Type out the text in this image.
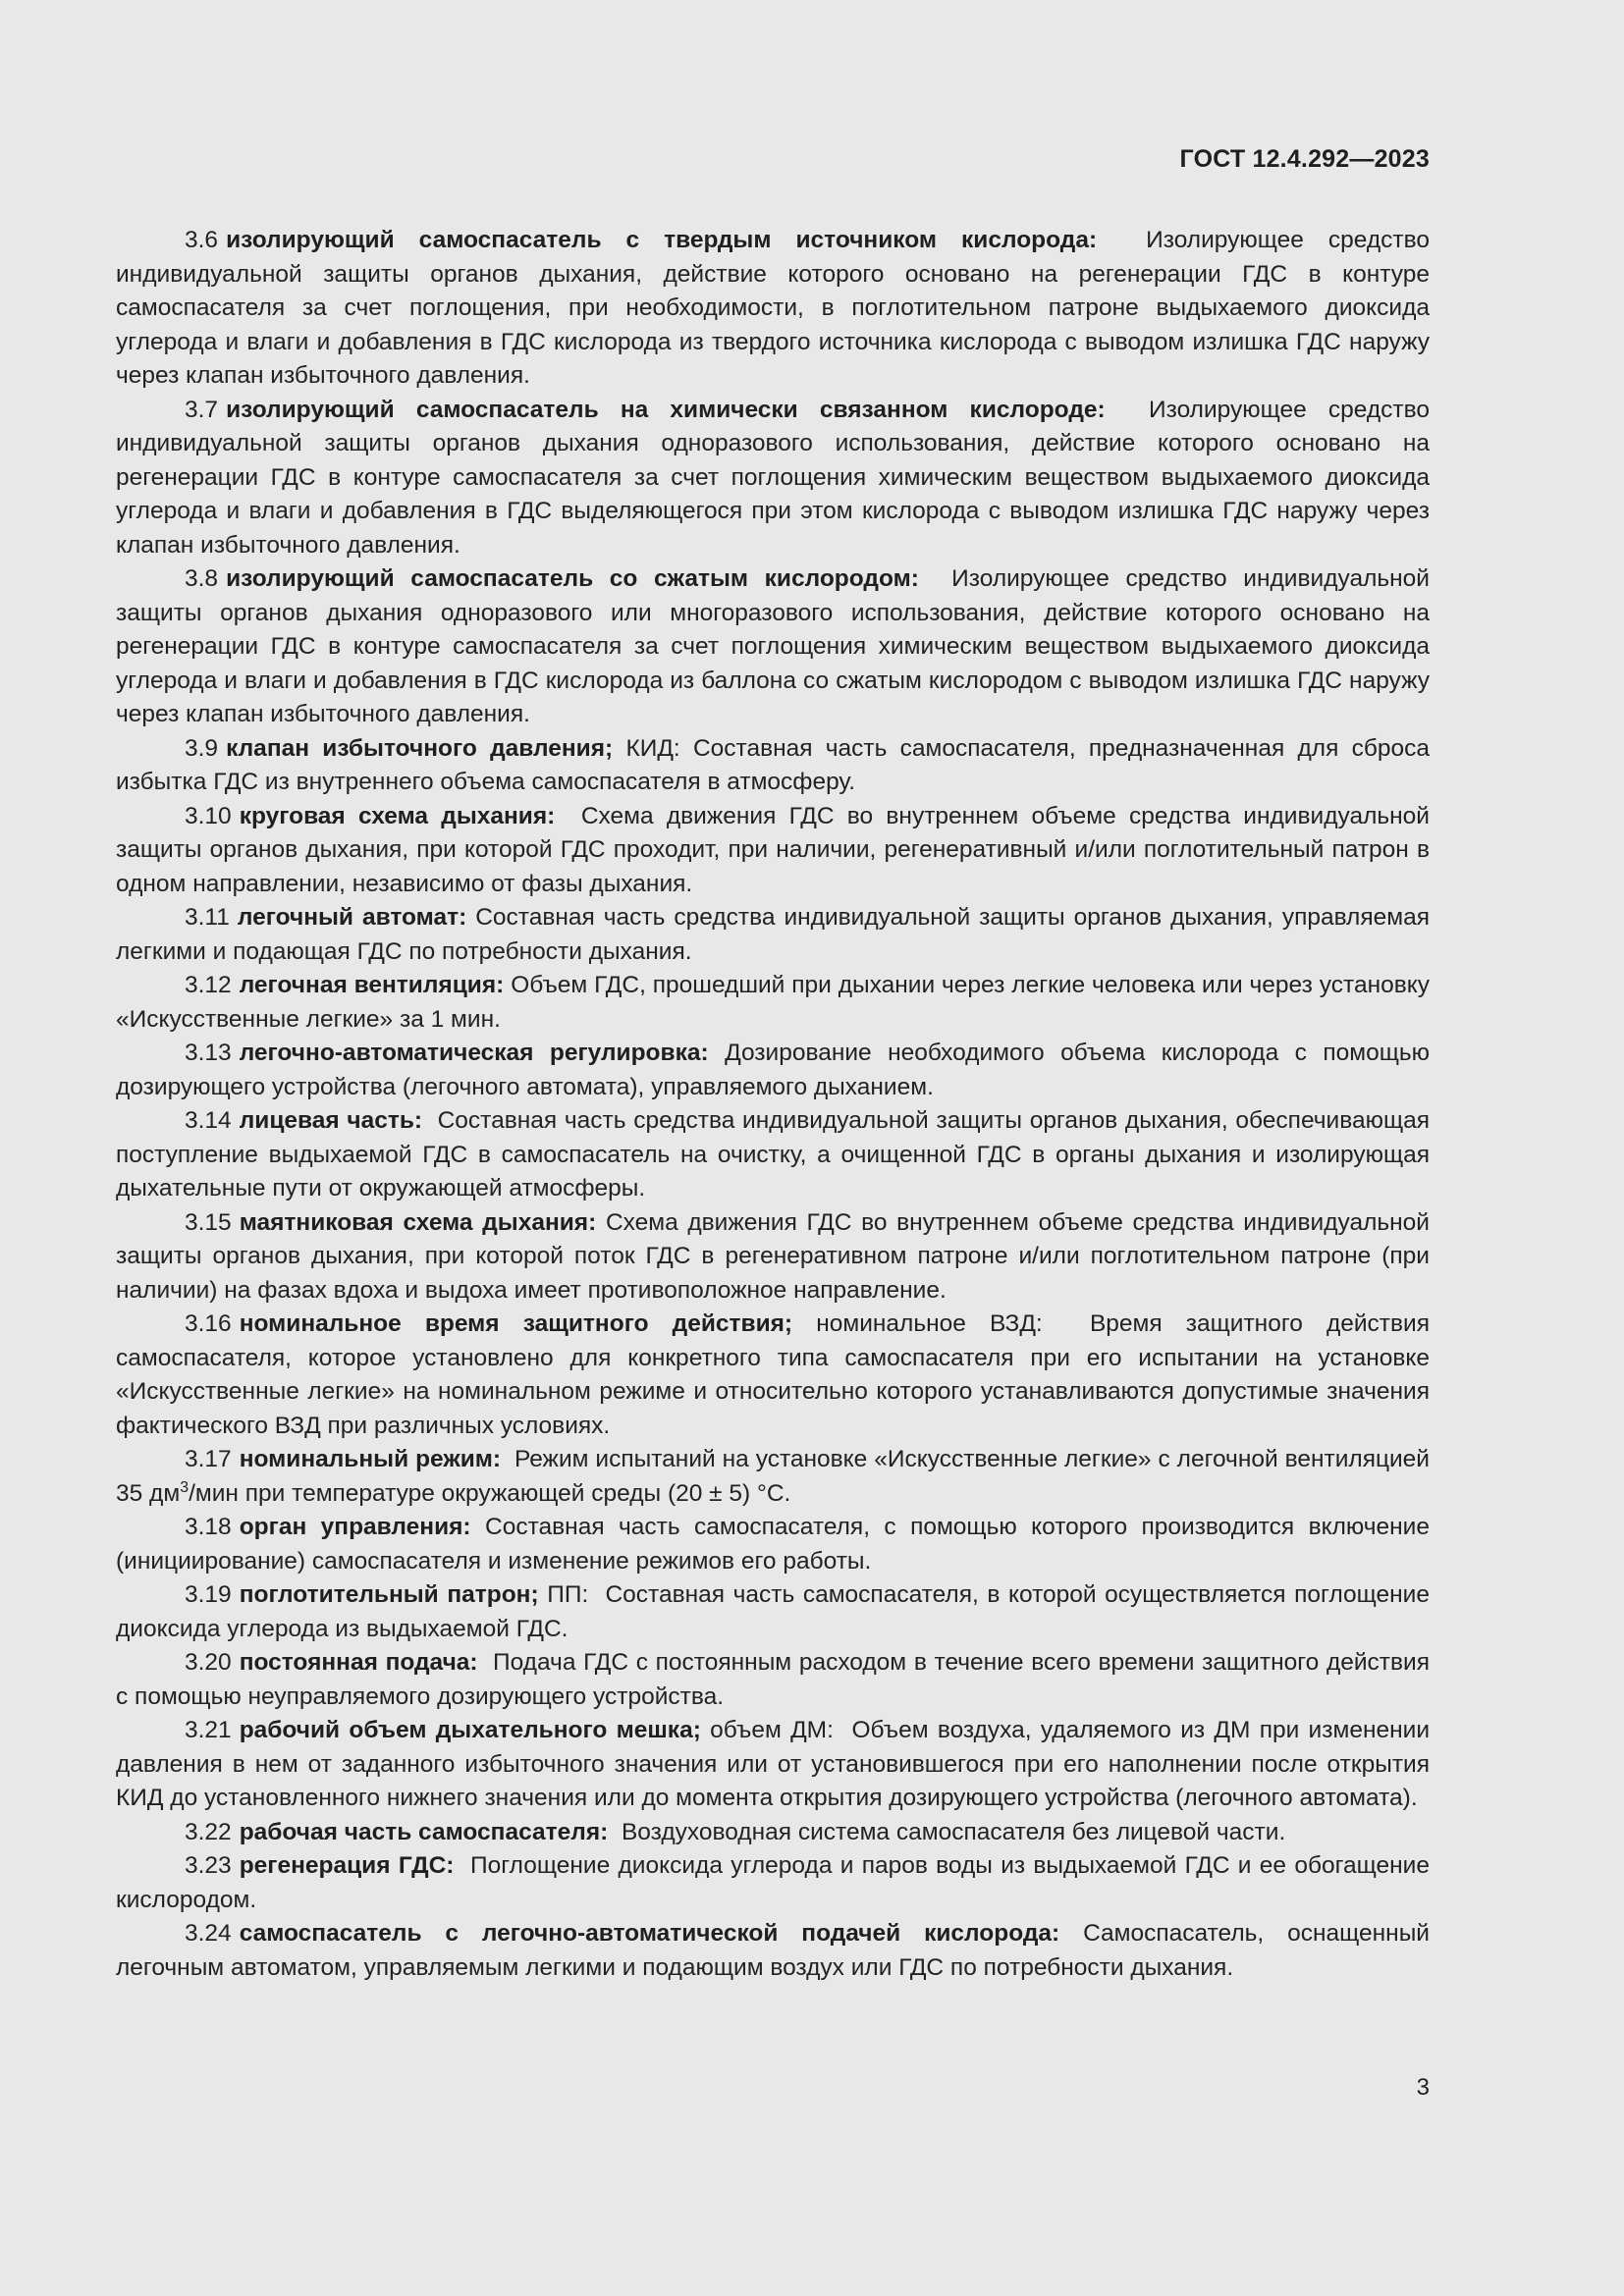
ГОСТ 12.4.292—2023

3.6 изолирующий самоспасатель с твердым источником кислорода: Изолирующее средство индивидуальной защиты органов дыхания, действие которого основано на регенерации ГДС в контуре самоспасателя за счет поглощения, при необходимости, в поглотительном патроне выдыхаемого диоксида углерода и влаги и добавления в ГДС кислорода из твердого источника кислорода с выводом излишка ГДС наружу через клапан избыточного давления.

3.7 изолирующий самоспасатель на химически связанном кислороде: Изолирующее средство индивидуальной защиты органов дыхания одноразового использования, действие которого основано на регенерации ГДС в контуре самоспасателя за счет поглощения химическим веществом выдыхаемого диоксида углерода и влаги и добавления в ГДС выделяющегося при этом кислорода с выводом излишка ГДС наружу через клапан избыточного давления.

3.8 изолирующий самоспасатель со сжатым кислородом: Изолирующее средство индивидуальной защиты органов дыхания одноразового или многоразового использования, действие которого основано на регенерации ГДС в контуре самоспасателя за счет поглощения химическим веществом выдыхаемого диоксида углерода и влаги и добавления в ГДС кислорода из баллона со сжатым кислородом с выводом излишка ГДС наружу через клапан избыточного давления.

3.9 клапан избыточного давления; КИД: Составная часть самоспасателя, предназначенная для сброса избытка ГДС из внутреннего объема самоспасателя в атмосферу.

3.10 круговая схема дыхания: Схема движения ГДС во внутреннем объеме средства индивидуальной защиты органов дыхания, при которой ГДС проходит, при наличии, регенеративный и/или поглотительный патрон в одном направлении, независимо от фазы дыхания.

3.11 легочный автомат: Составная часть средства индивидуальной защиты органов дыхания, управляемая легкими и подающая ГДС по потребности дыхания.

3.12 легочная вентиляция: Объем ГДС, прошедший при дыхании через легкие человека или через установку «Искусственные легкие» за 1 мин.

3.13 легочно-автоматическая регулировка: Дозирование необходимого объема кислорода с помощью дозирующего устройства (легочного автомата), управляемого дыханием.

3.14 лицевая часть: Составная часть средства индивидуальной защиты органов дыхания, обеспечивающая поступление выдыхаемой ГДС в самоспасатель на очистку, а очищенной ГДС в органы дыхания и изолирующая дыхательные пути от окружающей атмосферы.

3.15 маятниковая схема дыхания: Схема движения ГДС во внутреннем объеме средства индивидуальной защиты органов дыхания, при которой поток ГДС в регенеративном патроне и/или поглотительном патроне (при наличии) на фазах вдоха и выдоха имеет противоположное направление.

3.16 номинальное время защитного действия; номинальное ВЗД: Время защитного действия самоспасателя, которое установлено для конкретного типа самоспасателя при его испытании на установке «Искусственные легкие» на номинальном режиме и относительно которого устанавливаются допустимые значения фактического ВЗД при различных условиях.

3.17 номинальный режим: Режим испытаний на установке «Искусственные легкие» с легочной вентиляцией 35 $дм^3$/мин при температуре окружающей среды (20 ± 5) °С.

3.18 орган управления: Составная часть самоспасателя, с помощью которого производится включение (инициирование) самоспасателя и изменение режимов его работы.

3.19 поглотительный патрон; ПП: Составная часть самоспасателя, в которой осуществляется поглощение диоксида углерода из выдыхаемой ГДС.

3.20 постоянная подача: Подача ГДС с постоянным расходом в течение всего времени защитного действия с помощью неуправляемого дозирующего устройства.

3.21 рабочий объем дыхательного мешка; объем ДМ: Объем воздуха, удаляемого из ДМ при изменении давления в нем от заданного избыточного значения или от установившегося при его наполнении после открытия КИД до установленного нижнего значения или до момента открытия дозирующего устройства (легочного автомата).

3.22 рабочая часть самоспасателя: Воздуховодная система самоспасателя без лицевой части.

3.23 регенерация ГДС: Поглощение диоксида углерода и паров воды из выдыхаемой ГДС и ее обогащение кислородом.

3.24 самоспасатель с легочно-автоматической подачей кислорода: Самоспасатель, оснащенный легочным автоматом, управляемым легкими и подающим воздух или ГДС по потребности дыхания.

3
